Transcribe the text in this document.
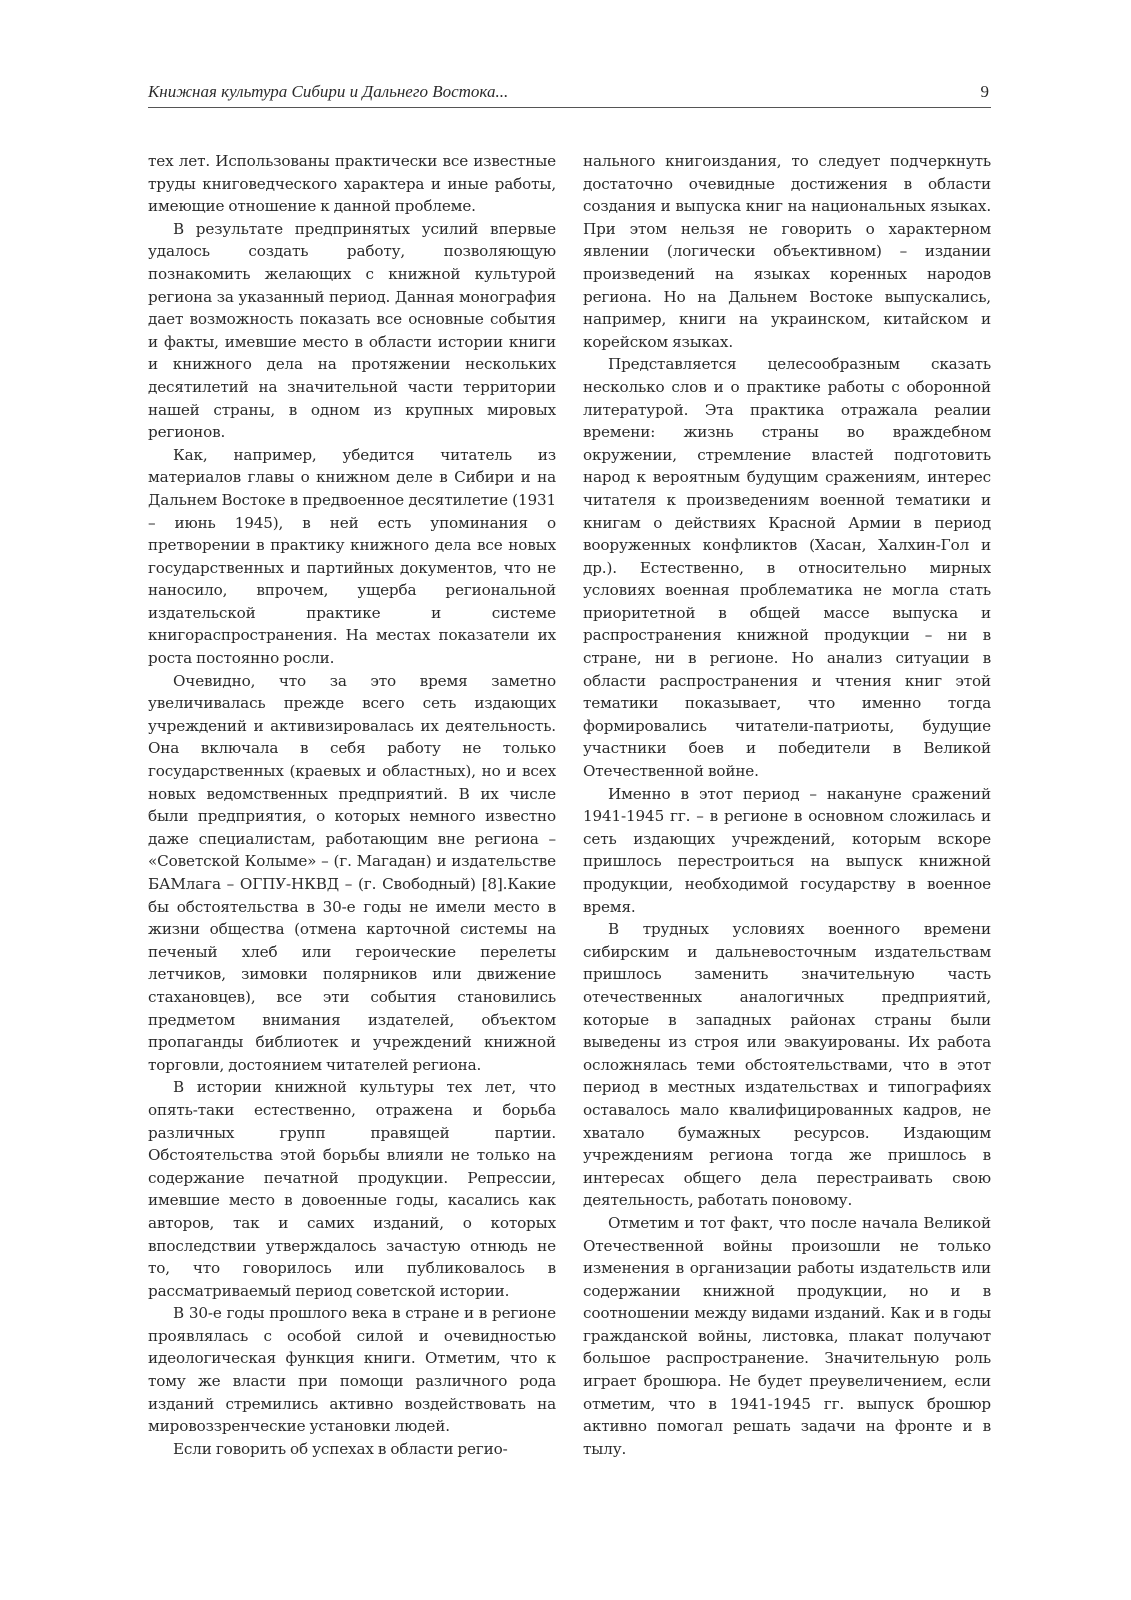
Книжная культура Сибири и Дальнего Востока...	9

тех лет. Использованы практически все известные труды книговедческого характера и иные работы, имеющие отношение к данной проблеме.

В результате предпринятых усилий впервые удалось создать работу, позволяющую познакомить желающих с книжной культурой региона за указанный период. Данная монография дает возможность показать все основные события и факты, имевшие место в области истории книги и книжного дела на протяжении нескольких десятилетий на значительной части территории нашей страны, в одном из крупных мировых регионов.

Как, например, убедится читатель из материалов главы о книжном деле в Сибири и на Дальнем Востоке в предвоенное десятилетие (1931 – июнь 1945), в ней есть упоминания о претворении в практику книжного дела все новых государственных и партийных документов, что не наносило, впрочем, ущерба региональной издательской практике и системе книгораспространения. На местах показатели их роста постоянно росли.

Очевидно, что за это время заметно увеличивалась прежде всего сеть издающих учреждений и активизировалась их деятельность. Она включала в себя работу не только государственных (краевых и областных), но и всех новых ведомственных предприятий. В их числе были предприятия, о которых немного известно даже специалистам, работающим вне региона – «Советской Колыме» – (г. Магадан) и издательстве БАМлага – ОГПУ-НКВД – (г. Свободный) [8].Какие бы обстоятельства в 30-е годы не имели место в жизни общества (отмена карточной системы на печеный хлеб или героические перелеты летчиков, зимовки полярников или движение стахановцев), все эти события становились предметом внимания издателей, объектом пропаганды библиотек и учреждений книжной торговли, достоянием читателей региона.

В истории книжной культуры тех лет, что опять-таки естественно, отражена и борьба различных групп правящей партии. Обстоятельства этой борьбы влияли не только на содержание печатной продукции. Репрессии, имевшие место в довоенные годы, касались как авторов, так и самих изданий, о которых впоследствии утверждалось зачастую отнюдь не то, что говорилось или публиковалось в рассматриваемый период советской истории.

В 30-е годы прошлого века в стране и в регионе проявлялась с особой силой и очевидностью идеологическая функция книги. Отметим, что к тому же власти при помощи различного рода изданий стремились активно воздействовать на мировоззренческие установки людей.

Если говорить об успехах в области регио-

нального книгоиздания, то следует подчеркнуть достаточно очевидные достижения в области создания и выпуска книг на национальных языках. При этом нельзя не говорить о характерном явлении (логически объективном) – издании произведений на языках коренных народов региона. Но на Дальнем Востоке выпускались, например, книги на украинском, китайском и корейском языках.

Представляется целесообразным сказать несколько слов и о практике работы с оборонной литературой. Эта практика отражала реалии времени: жизнь страны во враждебном окружении, стремление властей подготовить народ к вероятным будущим сражениям, интерес читателя к произведениям военной тематики и книгам о действиях Красной Армии в период вооруженных конфликтов (Хасан, Халхин-Гол и др.). Естественно, в относительно мирных условиях военная проблематика не могла стать приоритетной в общей массе выпуска и распространения книжной продукции – ни в стране, ни в регионе. Но анализ ситуации в области распространения и чтения книг этой тематики показывает, что именно тогда формировались читатели-патриоты, будущие участники боев и победители в Великой Отечественной войне.

Именно в этот период – накануне сражений 1941-1945 гг. – в регионе в основном сложилась и сеть издающих учреждений, которым вскоре пришлось перестроиться на выпуск книжной продукции, необходимой государству в военное время.

В трудных условиях военного времени сибирским и дальневосточным издательствам пришлось заменить значительную часть отечественных аналогичных предприятий, которые в западных районах страны были выведены из строя или эвакуированы. Их работа осложнялась теми обстоятельствами, что в этот период в местных издательствах и типографиях оставалось мало квалифицированных кадров, не хватало бумажных ресурсов. Издающим учреждениям региона тогда же пришлось в интересах общего дела перестраивать свою деятельность, работать поновому.

Отметим и тот факт, что после начала Великой Отечественной войны произошли не только изменения в организации работы издательств или содержании книжной продукции, но и в соотношении между видами изданий. Как и в годы гражданской войны, листовка, плакат получают большое распространение. Значительную роль играет брошюра. Не будет преувеличением, если отметим, что в 1941-1945 гг. выпуск брошюр активно помогал решать задачи на фронте и в тылу.
